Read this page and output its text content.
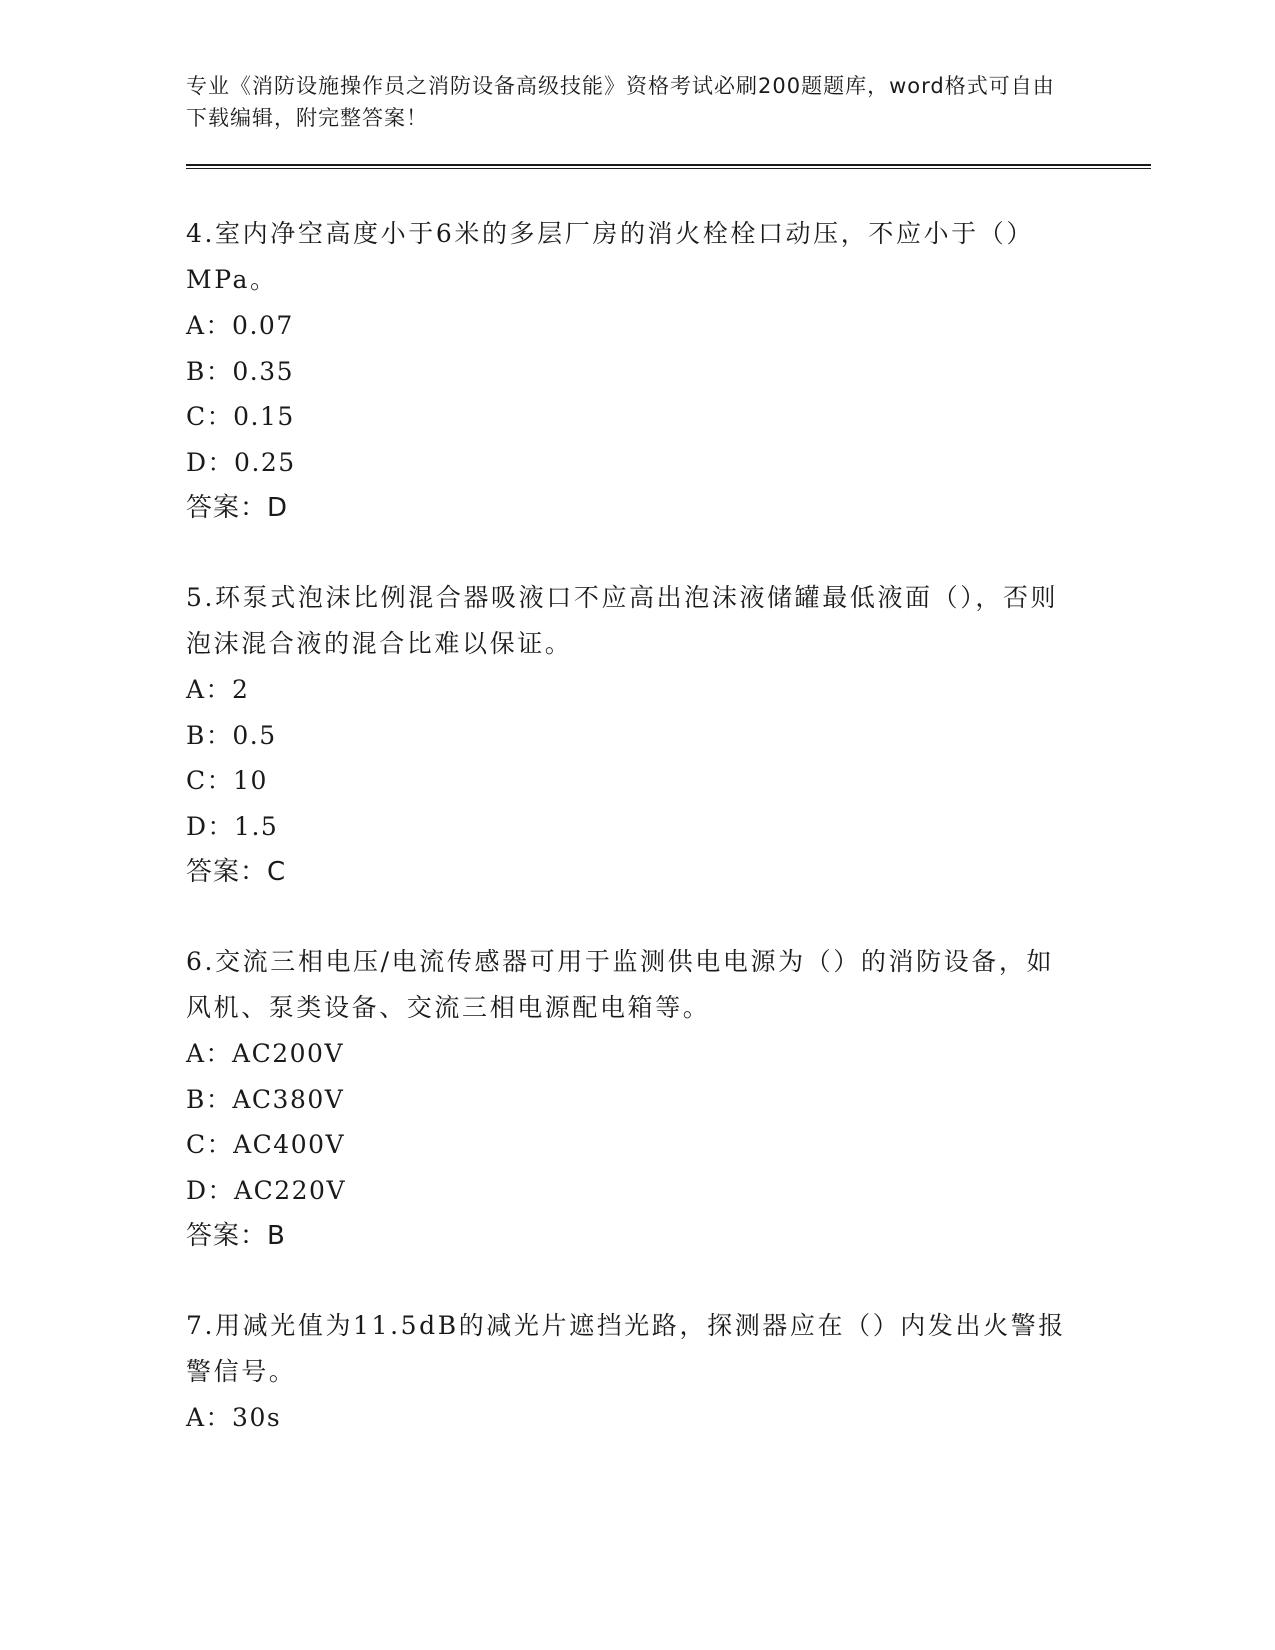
专业《消防设施操作员之消防设备高级技能》资格考试必刷200题题库，word格式可自由下载编辑，附完整答案！

4.室内净空高度小于6米的多层厂房的消火栓栓口动压，不应小于（）MPa。

A：0.07

B：0.35

C：0.15

D：0.25

答案：D

5.环泵式泡沫比例混合器吸液口不应高出泡沫液储罐最低液面（），否则泡沫混合液的混合比难以保证。

A：2

B：0.5

C：10

D：1.5

答案：C

6.交流三相电压/电流传感器可用于监测供电电源为（）的消防设备，如风机、泵类设备、交流三相电源配电箱等。

A：AC200V

B：AC380V

C：AC400V

D：AC220V

答案：B

7.用减光值为11.5dB的减光片遮挡光路，探测器应在（）内发出火警报警信号。

A：30s
